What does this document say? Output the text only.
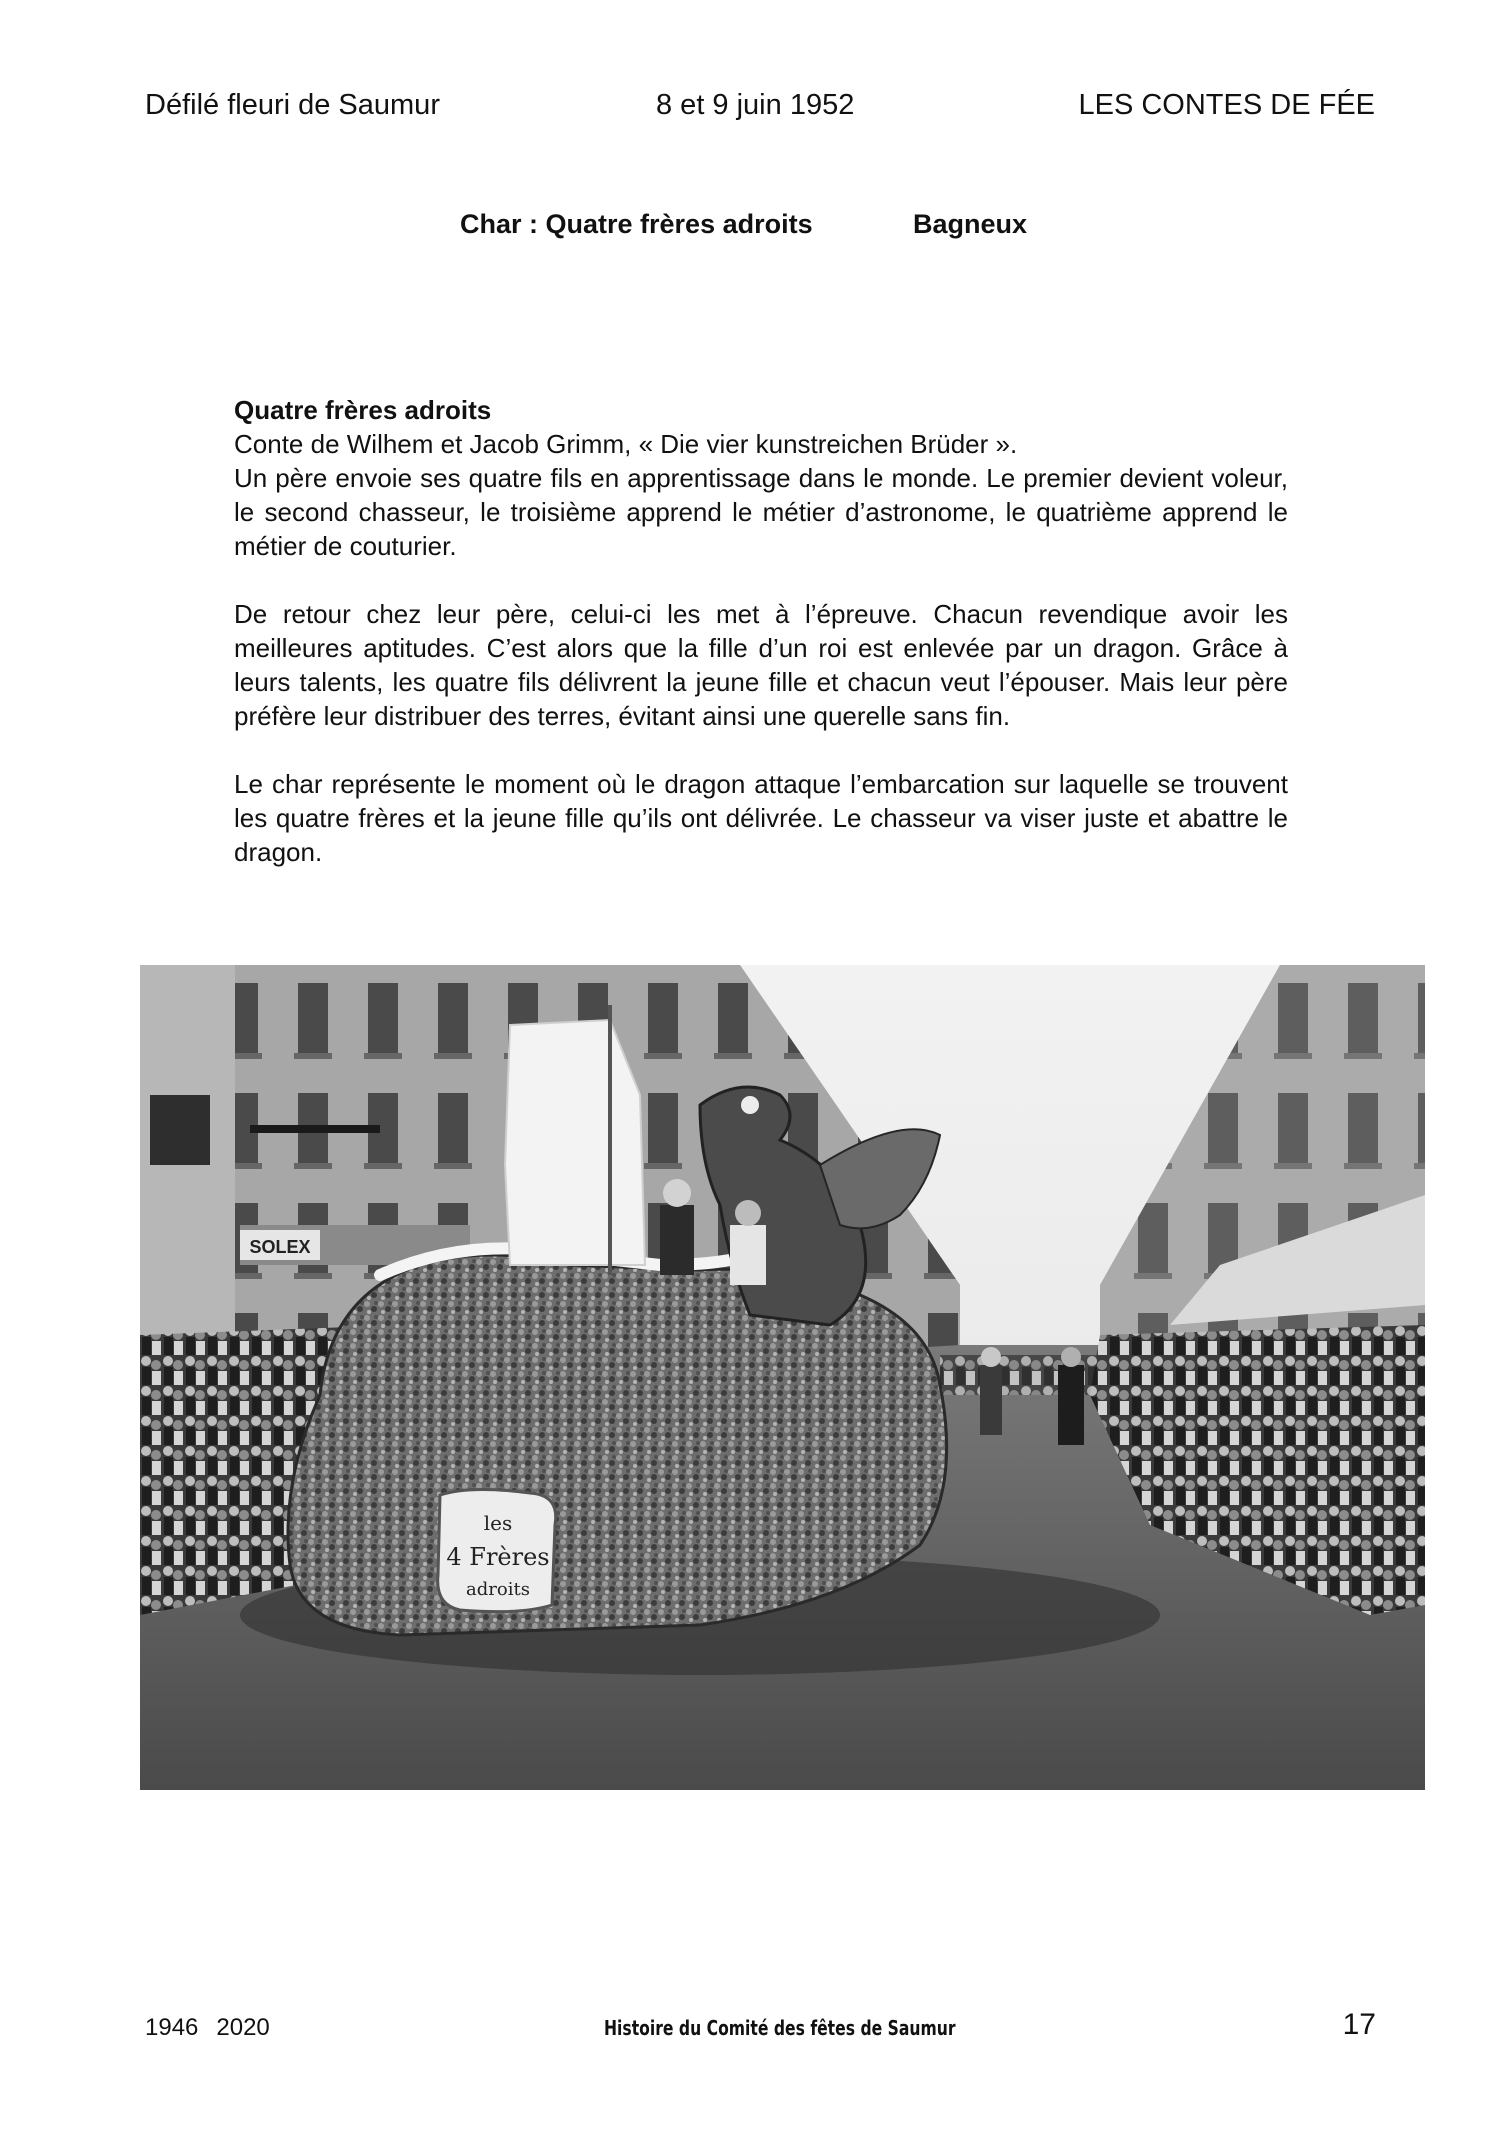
Défilé fleuri de Saumur	8 et 9 juin 1952	LES CONTES DE FÉE
Char : Quatre frères adroits	Bagneux

Quatre frères adroits

Conte de Wilhem et Jacob Grimm, « Die vier kunstreichen Brüder ».

Un père envoie ses quatre fils en apprentissage dans le monde. Le premier devient voleur, le second chasseur, le troisième apprend le métier d’astronome, le quatrième apprend le métier de couturier.

De retour chez leur père, celui-ci les met à l’épreuve. Chacun revendique avoir les meilleures aptitudes. C’est alors que la fille d’un roi est enlevée par un dragon. Grâce à leurs talents, les quatre fils délivrent la jeune fille et chacun veut l’épouser. Mais leur père préfère leur distribuer des terres, évitant ainsi une querelle sans fin.

Le char représente le moment où le dragon attaque l’embarcation sur laquelle se trouvent les quatre frères et la jeune fille qu’ils ont délivrée. Le chasseur va viser juste et abattre le dragon.

SOLEX
les
4 Frères
adroits
1946 2020	Histoire du Comité des fêtes de Saumur	17
